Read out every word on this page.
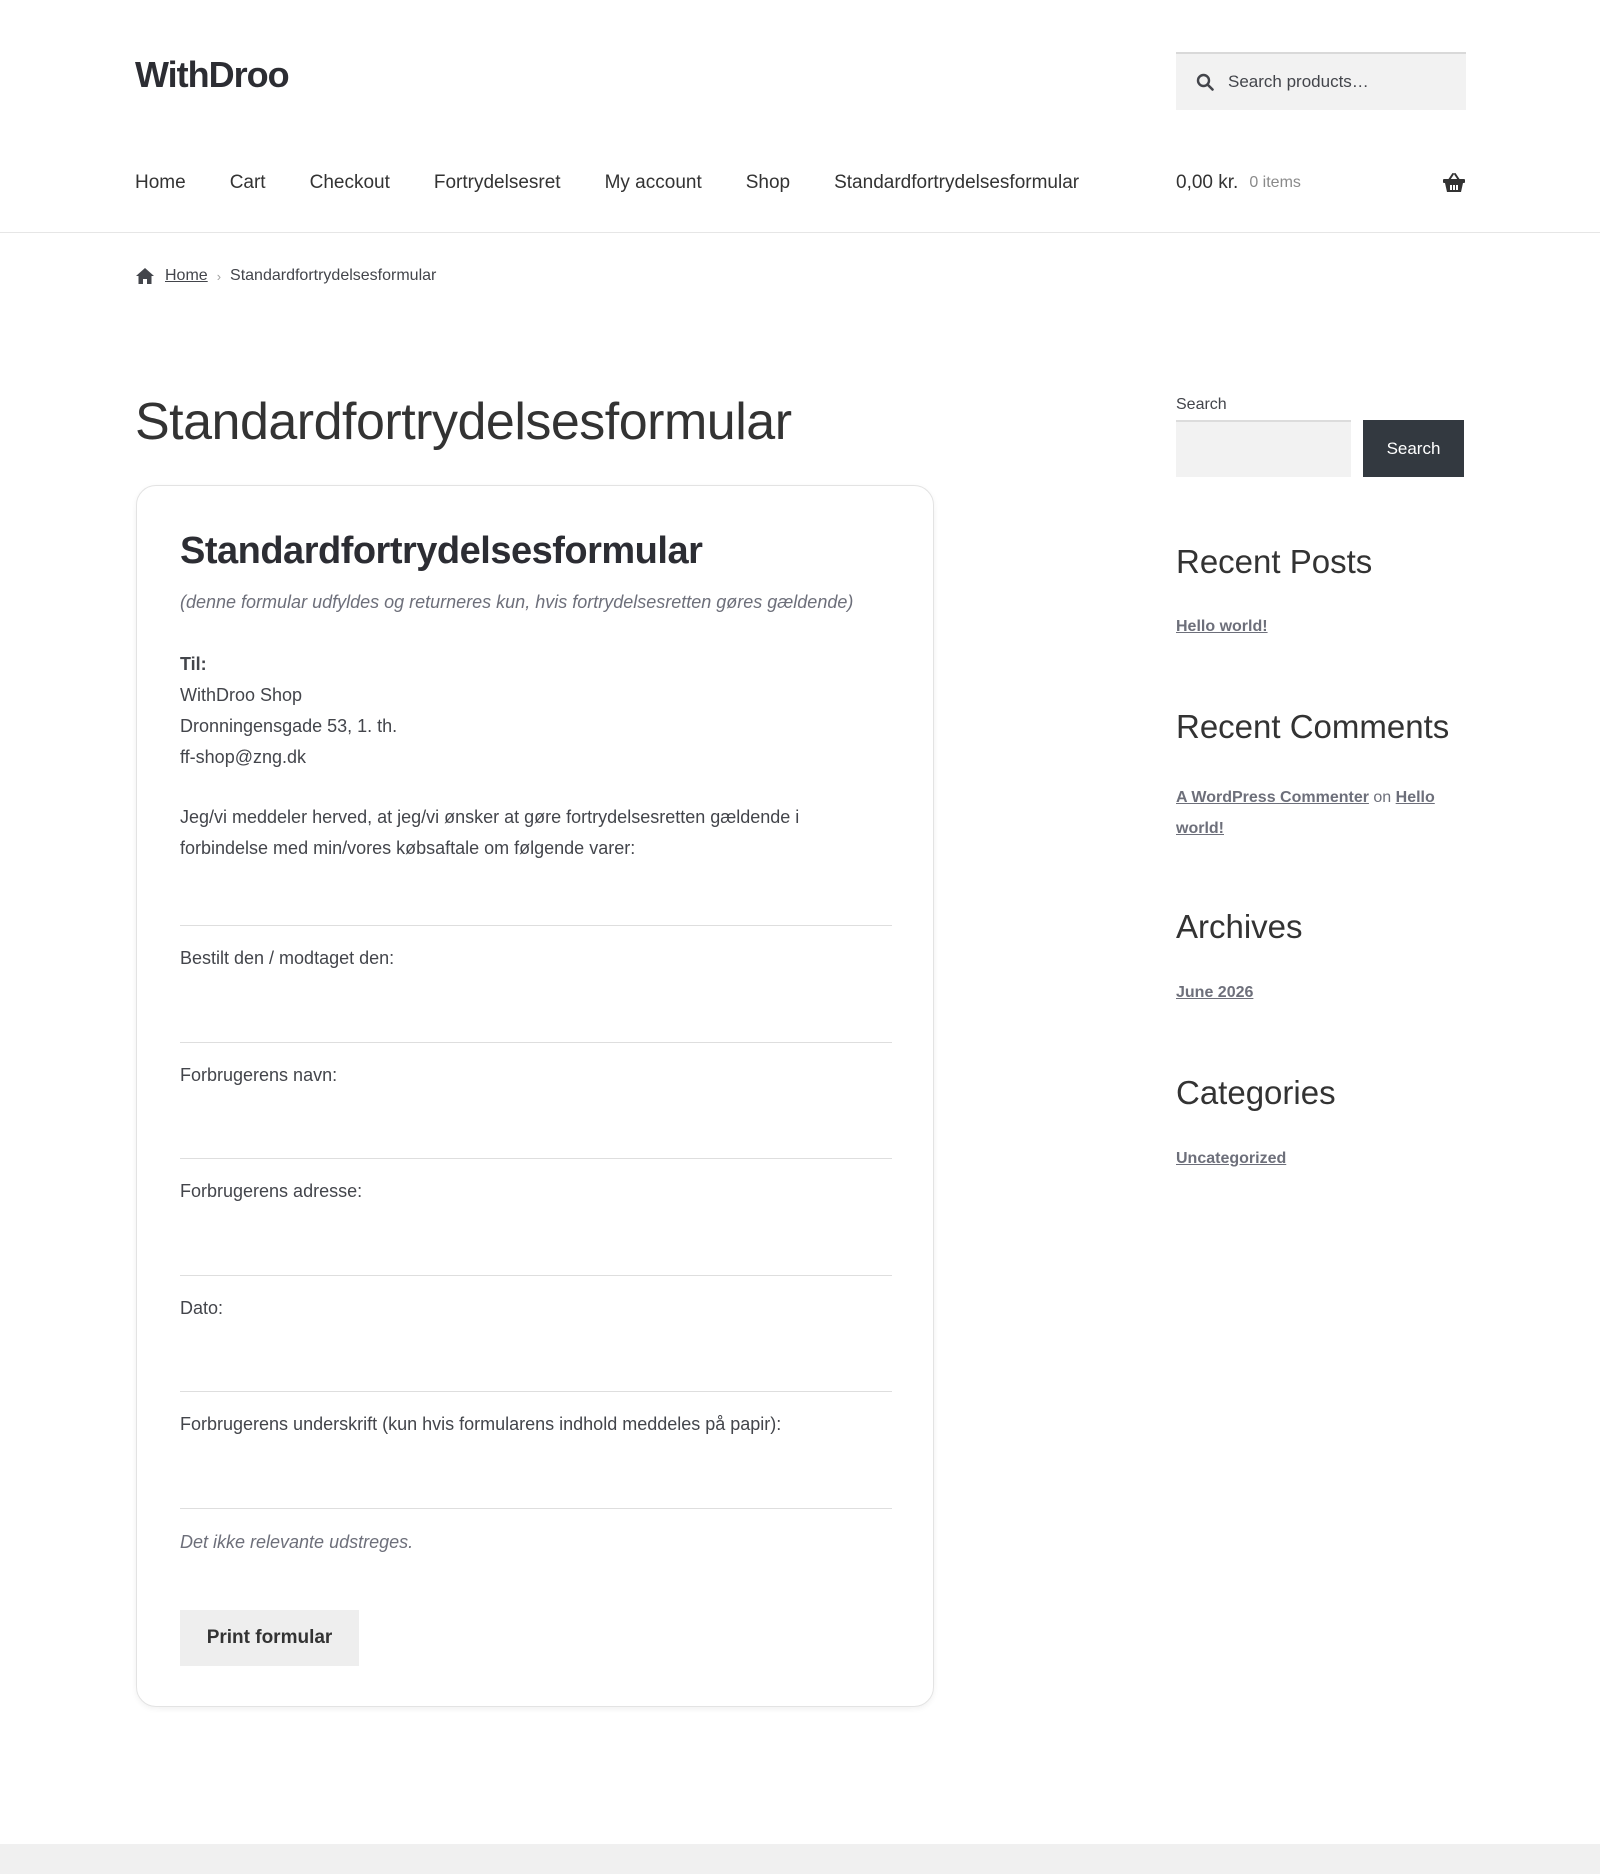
WithDroo
Search products…
Home	Cart	Checkout	Fortrydelsesret	My account	Shop	Standardfortrydelsesformular	0,00 kr. 0 items
Home › Standardfortrydelsesformular
Standardfortrydelsesformular
Standardfortrydelsesformular

(denne formular udfyldes og returneres kun, hvis fortrydelsesretten gøres gældende)

Til:
WithDroo Shop
Dronningensgade 53, 1. th.
ff-shop@zng.dk

Jeg/vi meddeler herved, at jeg/vi ønsker at gøre fortrydelsesretten gældende i forbindelse med min/vores købsaftale om følgende varer:

Bestilt den / modtaget den:
Forbrugerens navn:
Forbrugerens adresse:
Dato:
Forbrugerens underskrift (kun hvis formularens indhold meddeles på papir):

Det ikke relevante udstreges.

Print formular
Search
Search
Recent Posts
Hello world!
Recent Comments
A WordPress Commenter on Hello world!
Archives
June 2026
Categories
Uncategorized
